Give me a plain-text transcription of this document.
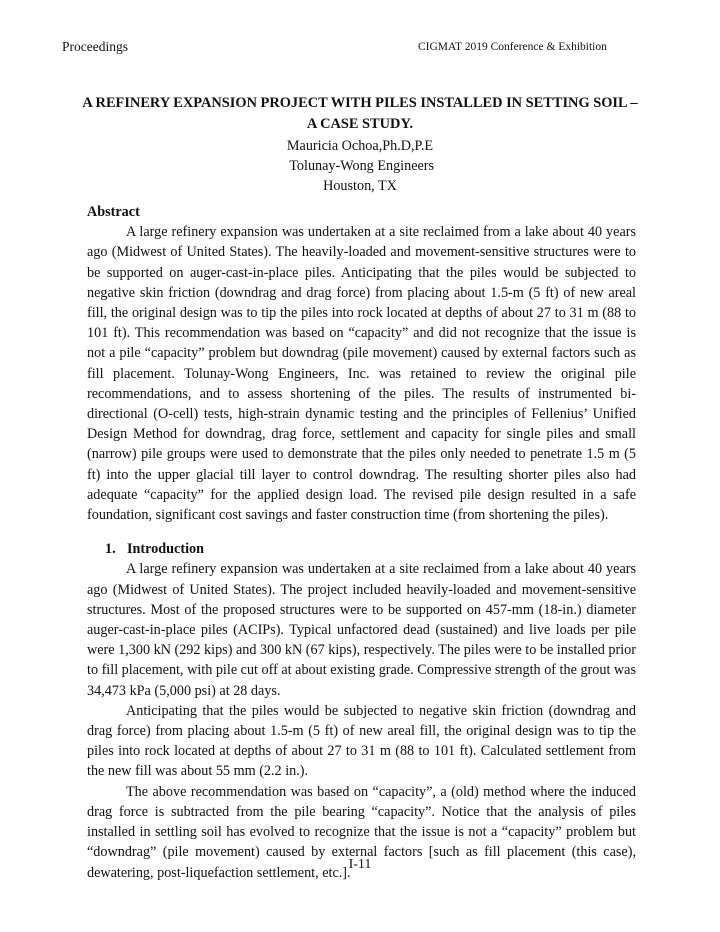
Proceedings	CIGMAT 2019 Conference & Exhibition
A REFINERY EXPANSION PROJECT WITH PILES INSTALLED IN SETTING SOIL –
A CASE STUDY.
Mauricia Ochoa,Ph.D,P.E
Tolunay-Wong Engineers
Houston, TX
Abstract

A large refinery expansion was undertaken at a site reclaimed from a lake about 40 years ago (Midwest of United States). The heavily-loaded and movement-sensitive structures were to be supported on auger-cast-in-place piles. Anticipating that the piles would be subjected to negative skin friction (downdrag and drag force) from placing about 1.5-m (5 ft) of new areal fill, the original design was to tip the piles into rock located at depths of about 27 to 31 m (88 to 101 ft). This recommendation was based on “capacity” and did not recognize that the issue is not a pile “capacity” problem but downdrag (pile movement) caused by external factors such as fill placement. Tolunay-Wong Engineers, Inc. was retained to review the original pile recommendations, and to assess shortening of the piles. The results of instrumented bi-directional (O-cell) tests, high-strain dynamic testing and the principles of Fellenius’ Unified Design Method for downdrag, drag force, settlement and capacity for single piles and small (narrow) pile groups were used to demonstrate that the piles only needed to penetrate 1.5 m (5 ft) into the upper glacial till layer to control downdrag. The resulting shorter piles also had adequate “capacity” for the applied design load. The revised pile design resulted in a safe foundation, significant cost savings and faster construction time (from shortening the piles).

1. Introduction

A large refinery expansion was undertaken at a site reclaimed from a lake about 40 years ago (Midwest of United States). The project included heavily-loaded and movement-sensitive structures. Most of the proposed structures were to be supported on 457-mm (18-in.) diameter auger-cast-in-place piles (ACIPs). Typical unfactored dead (sustained) and live loads per pile were 1,300 kN (292 kips) and 300 kN (67 kips), respectively. The piles were to be installed prior to fill placement, with pile cut off at about existing grade. Compressive strength of the grout was 34,473 kPa (5,000 psi) at 28 days.

Anticipating that the piles would be subjected to negative skin friction (downdrag and drag force) from placing about 1.5-m (5 ft) of new areal fill, the original design was to tip the piles into rock located at depths of about 27 to 31 m (88 to 101 ft). Calculated settlement from the new fill was about 55 mm (2.2 in.).

The above recommendation was based on “capacity”, a (old) method where the induced drag force is subtracted from the pile bearing “capacity”. Notice that the analysis of piles installed in settling soil has evolved to recognize that the issue is not a “capacity” problem but “downdrag” (pile movement) caused by external factors [such as fill placement (this case), dewatering, post-liquefaction settlement, etc.].

I-11
